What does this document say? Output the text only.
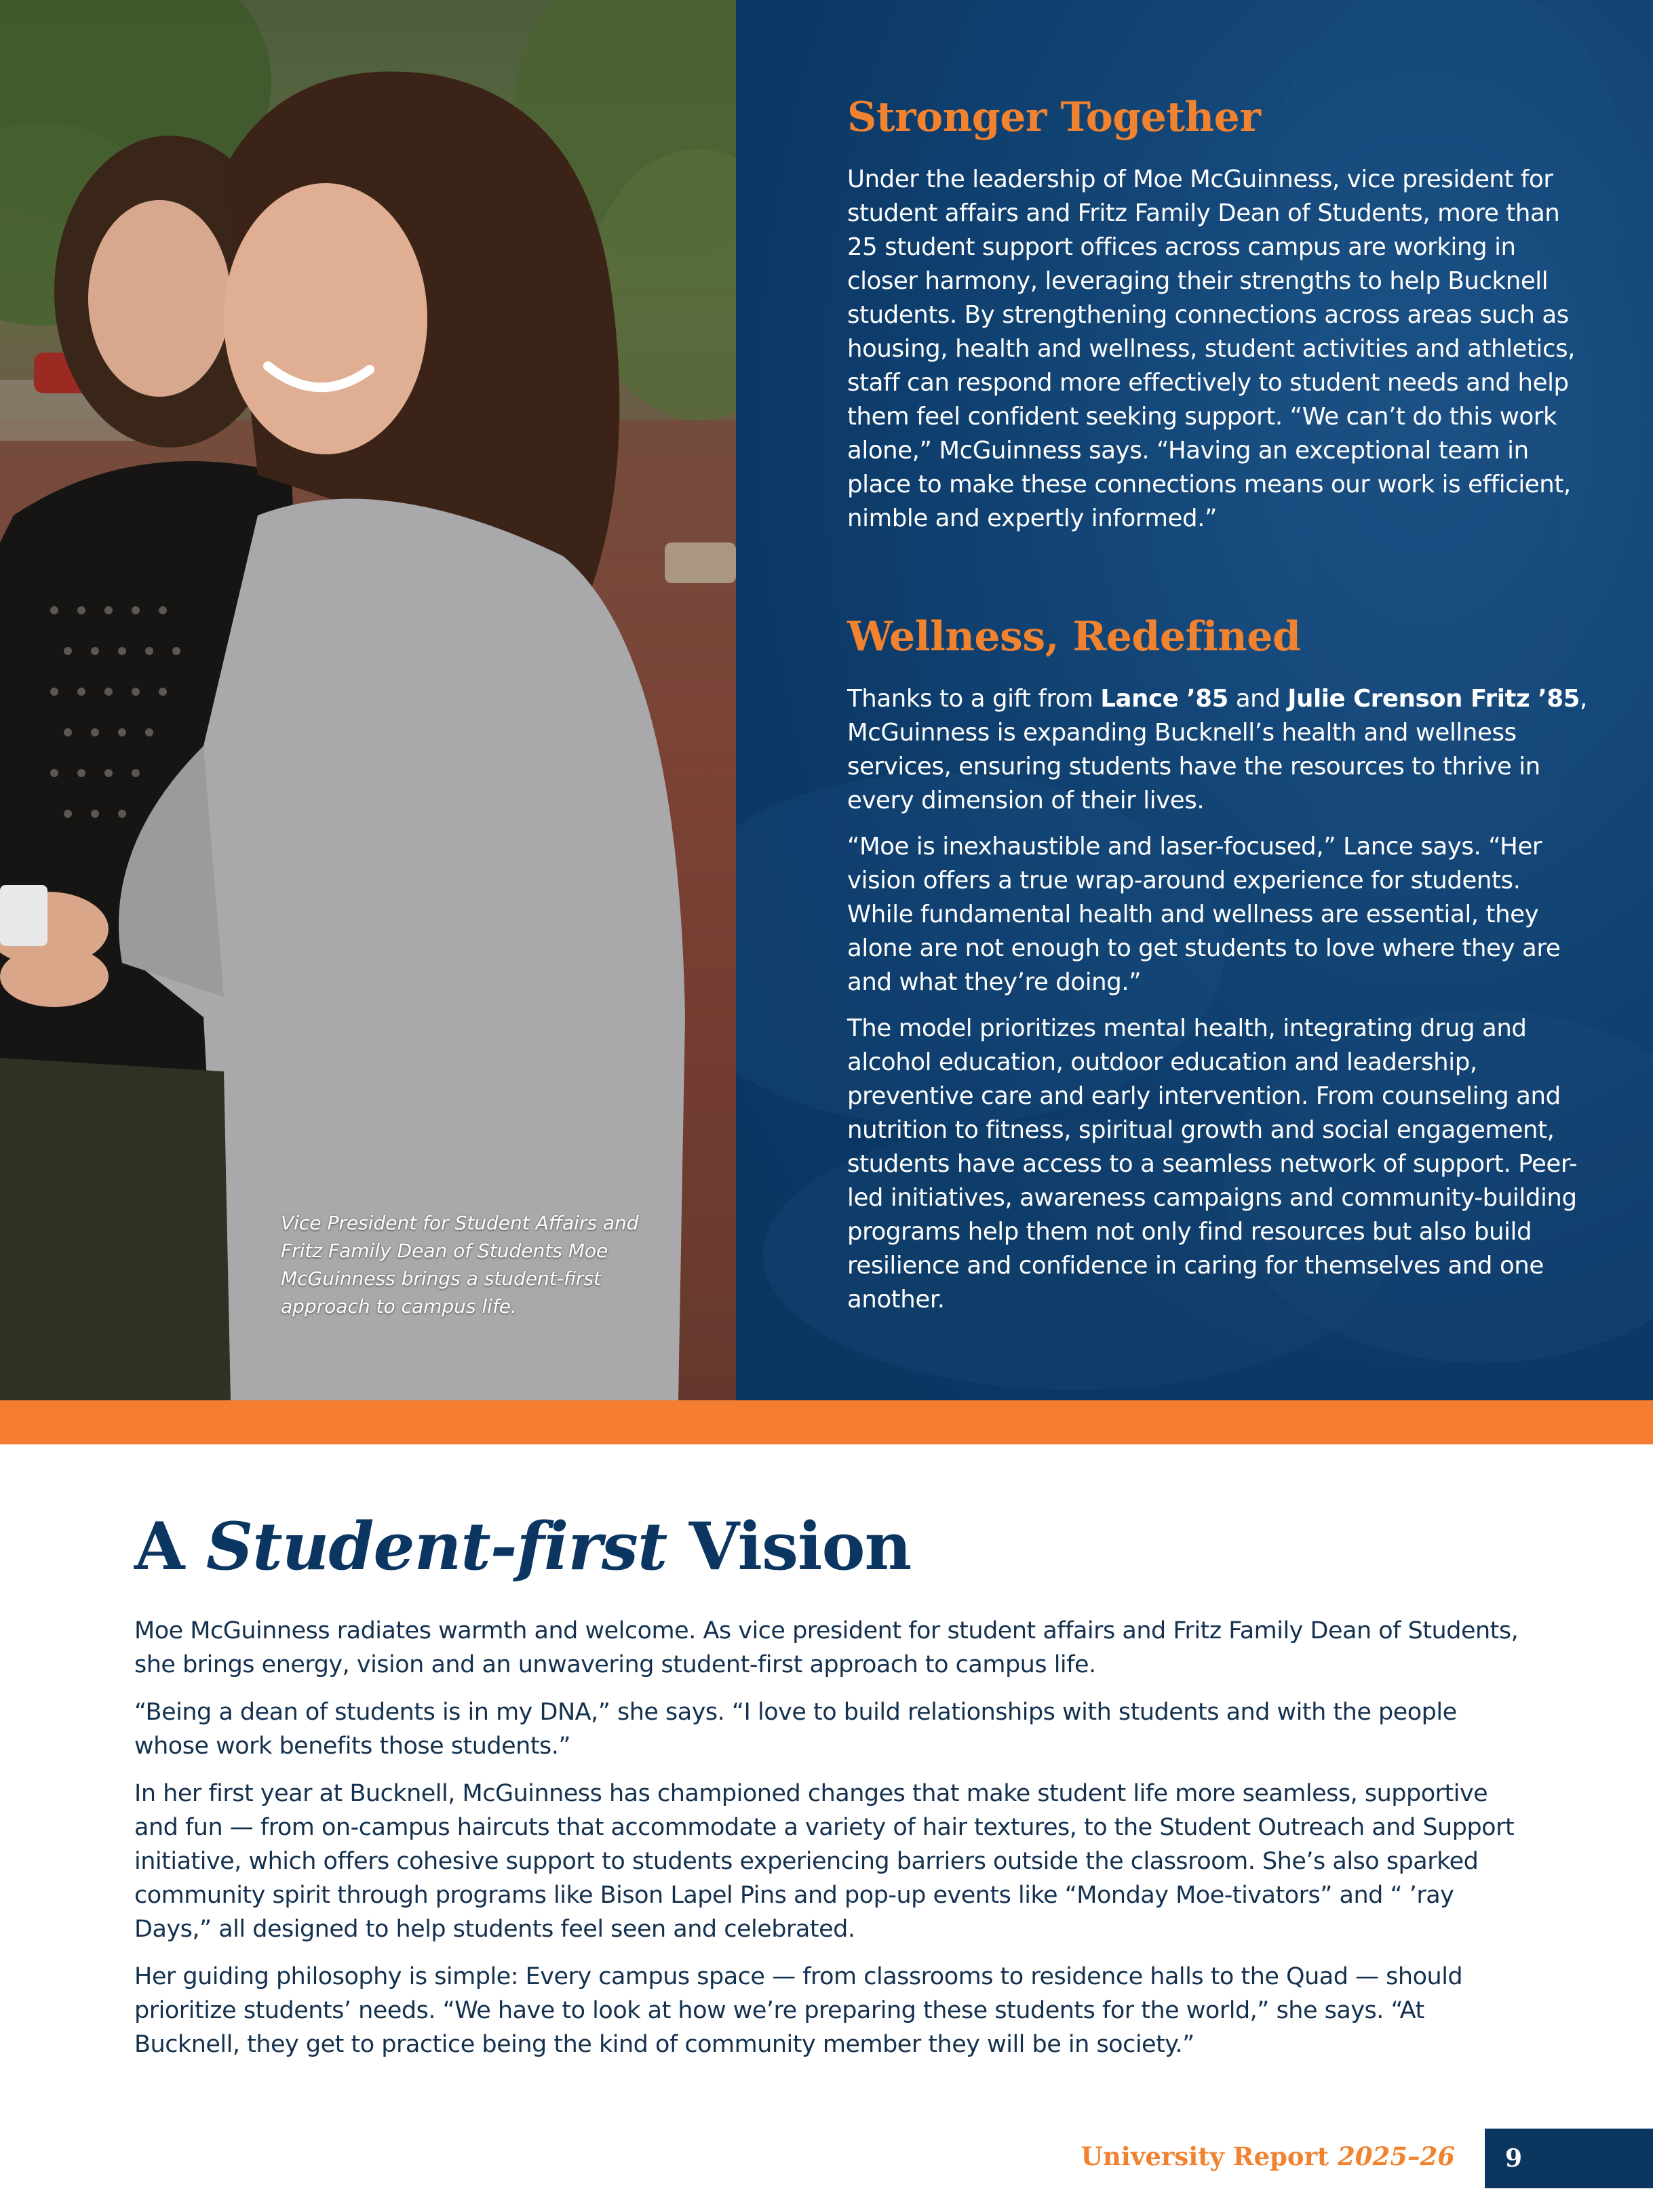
Vice President for Student Affairs and Fritz Family Dean of Students Moe McGuinness brings a student-first approach to campus life.
Stronger Together

Under the leadership of Moe McGuinness, vice president for student affairs and Fritz Family Dean of Students, more than 25 student support offices across campus are working in closer harmony, leveraging their strengths to help Bucknell students. By strengthening connections across areas such as housing, health and wellness, student activities and athletics, staff can respond more effectively to student needs and help them feel confident seeking support. “We can’t do this work alone,” McGuinness says. “Having an exceptional team in place to make these connections means our work is efficient, nimble and expertly informed.”

Wellness, Redefined

Thanks to a gift from Lance ’85 and Julie Crenson Fritz ’85, McGuinness is expanding Bucknell’s health and wellness services, ensuring students have the resources to thrive in every dimension of their lives.

“Moe is inexhaustible and laser-focused,” Lance says. “Her vision offers a true wrap-around experience for students. While fundamental health and wellness are essential, they alone are not enough to get students to love where they are and what they’re doing.”

The model prioritizes mental health, integrating drug and alcohol education, outdoor education and leadership, preventive care and early intervention. From counseling and nutrition to fitness, spiritual growth and social engagement, students have access to a seamless network of support. Peer-led initiatives, awareness campaigns and community-building programs help them not only find resources but also build resilience and confidence in caring for themselves and one another.

A Student-first Vision

Moe McGuinness radiates warmth and welcome. As vice president for student affairs and Fritz Family Dean of Students, she brings energy, vision and an unwavering student-first approach to campus life.

“Being a dean of students is in my DNA,” she says. “I love to build relationships with students and with the people whose work benefits those students.”

In her first year at Bucknell, McGuinness has championed changes that make student life more seamless, supportive and fun — from on-campus haircuts that accommodate a variety of hair textures, to the Student Outreach and Support initiative, which offers cohesive support to students experiencing barriers outside the classroom. She’s also sparked community spirit through programs like Bison Lapel Pins and pop-up events like “Monday Moe-tivators” and “ ’ray Days,” all designed to help students feel seen and celebrated.

Her guiding philosophy is simple: Every campus space — from classrooms to residence halls to the Quad — should prioritize students’ needs. “We have to look at how we’re preparing these students for the world,” she says. “At Bucknell, they get to practice being the kind of community member they will be in society.”

University Report 2025–26 9
